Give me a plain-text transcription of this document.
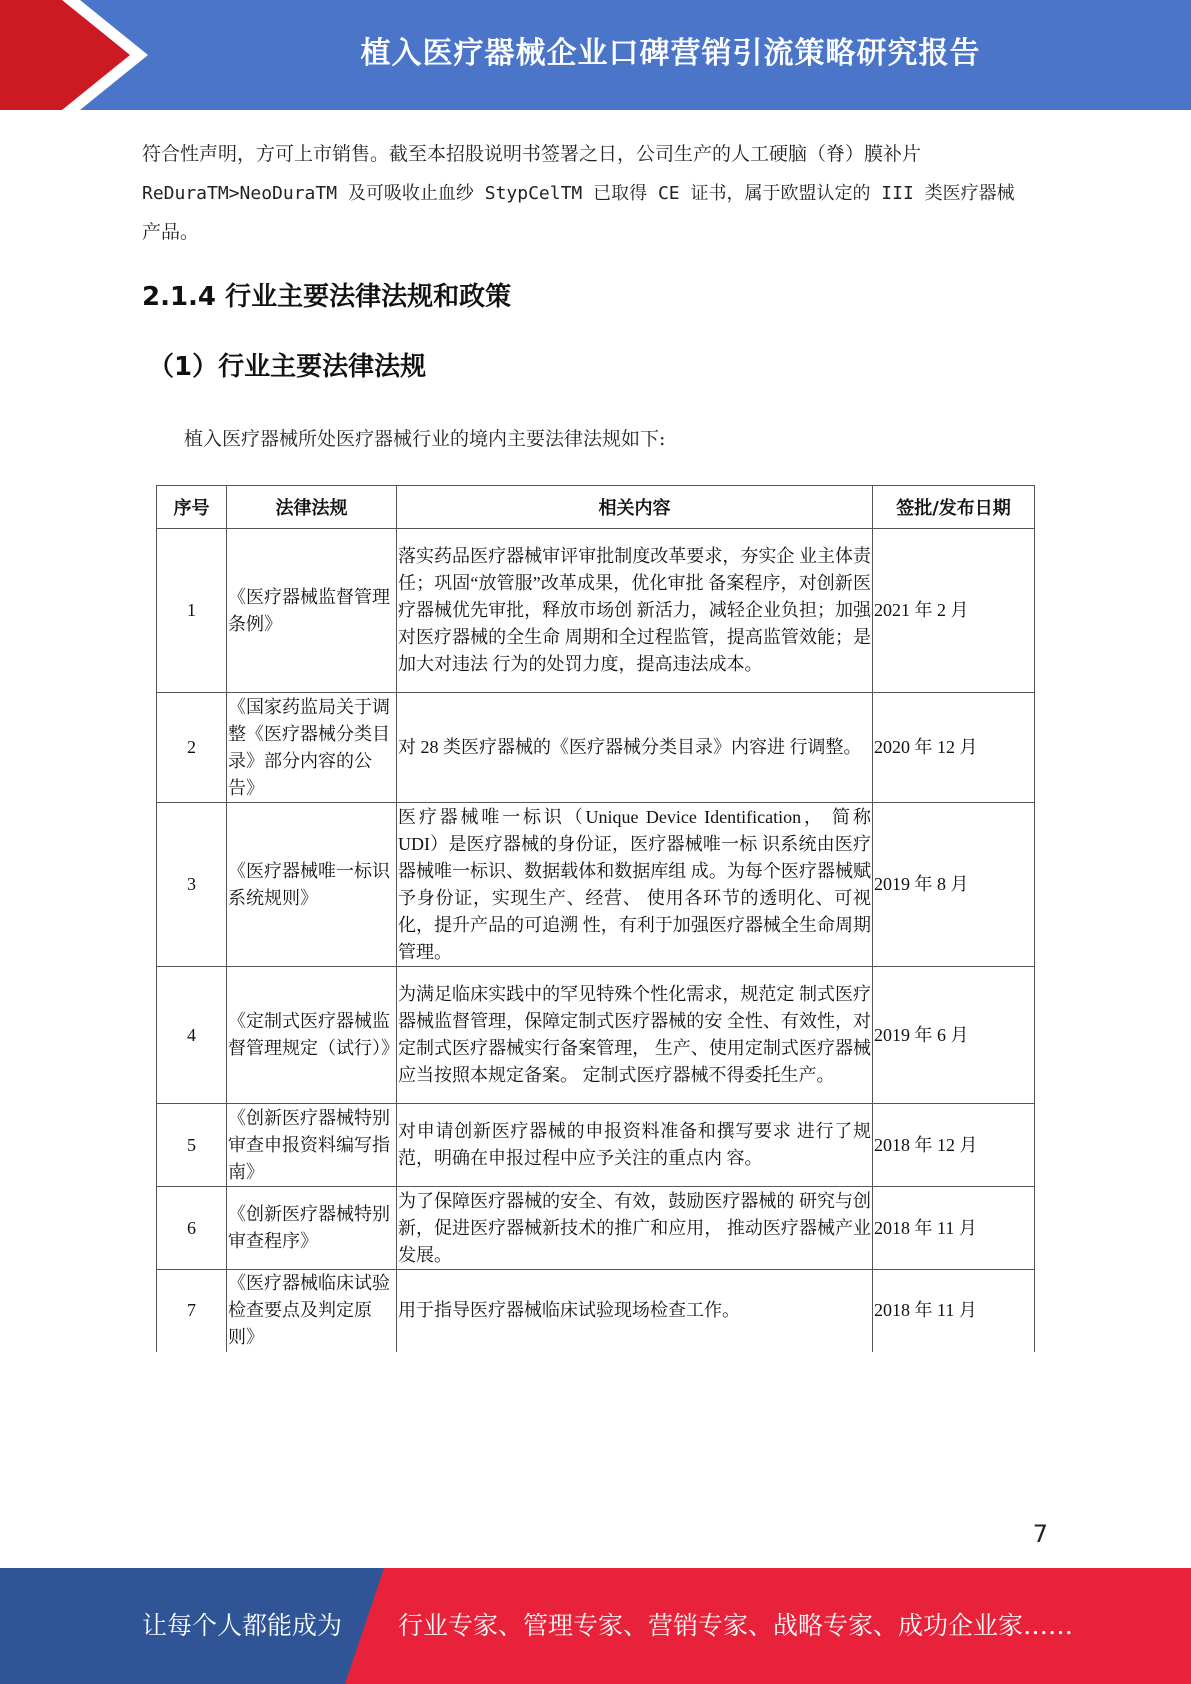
植入医疗器械企业口碑营销引流策略研究报告
符合性声明，方可上市销售。截至本招股说明书签署之日，公司生产的人工硬脑（脊）膜补片
ReDuraTM>NeoDuraTM 及可吸收止血纱 StypCelTM 已取得 CE 证书，属于欧盟认定的 III 类医疗器械
产品。
2.1.4 行业主要法律法规和政策
（1）行业主要法律法规
植入医疗器械所处医疗器械行业的境内主要法律法规如下:
序号	法律法规	相关内容	签批/发布日期
1	《医疗器械监督管理条例》	落实药品医疗器械审评审批制度改革要求，夯实企 业主体责任；巩固“放管服”改革成果，优化审批 备案程序，对创新医疗器械优先审批，释放市场创 新活力，减轻企业负担；加强对医疗器械的全生命 周期和全过程监管，提高监管效能；是加大对违法 行为的处罚力度，提高违法成本。	2021 年 2 月
2	《国家药监局关于调整《医疗器械分类目录》部分内容的公告》	对 28 类医疗器械的《医疗器械分类目录》内容进 行调整。	2020 年 12 月
3	《医疗器械唯一标识系统规则》	医疗器械唯一标识（Unique Device Identification， 简称 UDI）是医疗器械的身份证，医疗器械唯一标 识系统由医疗器械唯一标识、数据载体和数据库组 成。为每个医疗器械赋予身份证，实现生产、经营、 使用各环节的透明化、可视化，提升产品的可追溯 性，有利于加强医疗器械全生命周期管理。	2019 年 8 月
4	《定制式医疗器械监督管理规定（试行）》	为满足临床实践中的罕见特殊个性化需求，规范定 制式医疗器械监督管理，保障定制式医疗器械的安 全性、有效性，对定制式医疗器械实行备案管理， 生产、使用定制式医疗器械应当按照本规定备案。 定制式医疗器械不得委托生产。	2019 年 6 月
5	《创新医疗器械特别审查申报资料编写指南》	对申请创新医疗器械的申报资料准备和撰写要求 进行了规范，明确在申报过程中应予关注的重点内 容。	2018 年 12 月
6	《创新医疗器械特别审查程序》	为了保障医疗器械的安全、有效，鼓励医疗器械的 研究与创新，促进医疗器械新技术的推广和应用， 推动医疗器械产业发展。	2018 年 11 月
7	《医疗器械临床试验检查要点及判定原则》	用于指导医疗器械临床试验现场检查工作。	2018 年 11 月
7
让每个人都能成为 行业专家、管理专家、营销专家、战略专家、成功企业家……
